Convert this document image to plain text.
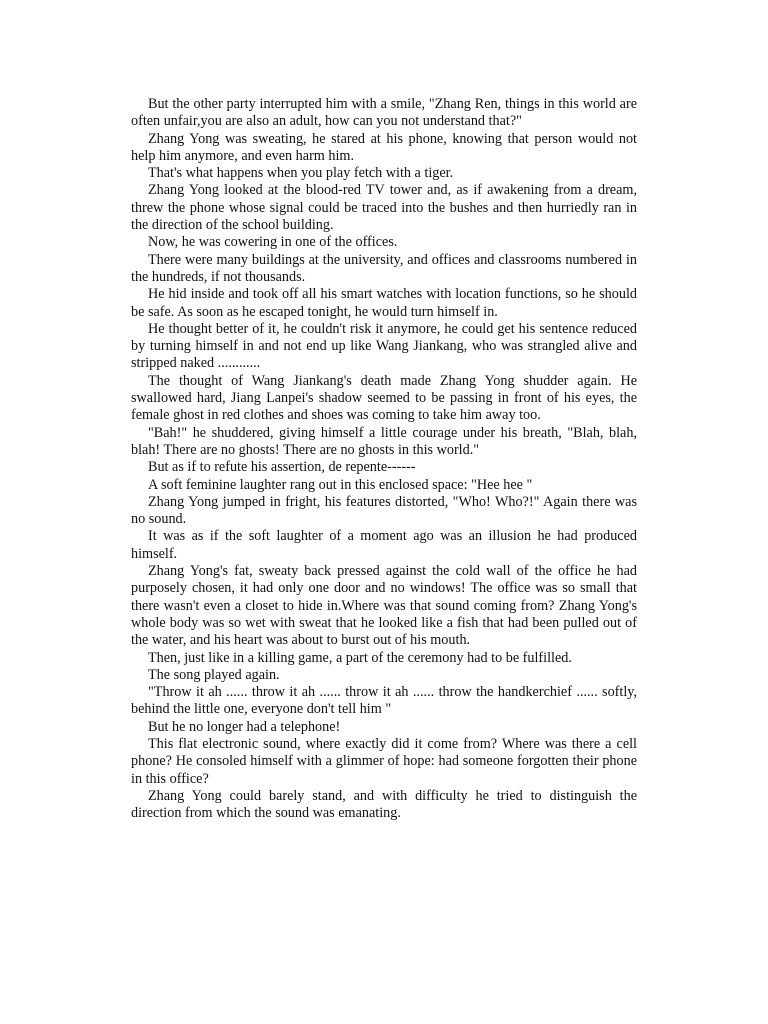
But the other party interrupted him with a smile, "Zhang Ren, things in this world are often unfair,you are also an adult, how can you not understand that?"

Zhang Yong was sweating, he stared at his phone, knowing that person would not help him anymore, and even harm him.

That's what happens when you play fetch with a tiger.

Zhang Yong looked at the blood-red TV tower and, as if awakening from a dream, threw the phone whose signal could be traced into the bushes and then hurriedly ran in the direction of the school building.

Now, he was cowering in one of the offices.

There were many buildings at the university, and offices and classrooms numbered in the hundreds, if not thousands.

He hid inside and took off all his smart watches with location functions, so he should be safe. As soon as he escaped tonight, he would turn himself in.

He thought better of it, he couldn't risk it anymore, he could get his sentence reduced by turning himself in and not end up like Wang Jiankang, who was strangled alive and stripped naked ............

The thought of Wang Jiankang's death made Zhang Yong shudder again. He swallowed hard, Jiang Lanpei's shadow seemed to be passing in front of his eyes, the female ghost in red clothes and shoes was coming to take him away too.

"Bah!" he shuddered, giving himself a little courage under his breath, "Blah, blah, blah! There are no ghosts! There are no ghosts in this world."

But as if to refute his assertion, de repente------

A soft feminine laughter rang out in this enclosed space: "Hee hee "

Zhang Yong jumped in fright, his features distorted, "Who! Who?!" Again there was no sound.

It was as if the soft laughter of a moment ago was an illusion he had produced himself.

Zhang Yong's fat, sweaty back pressed against the cold wall of the office he had purposely chosen, it had only one door and no windows! The office was so small that there wasn't even a closet to hide in.Where was that sound coming from? Zhang Yong's whole body was so wet with sweat that he looked like a fish that had been pulled out of the water, and his heart was about to burst out of his mouth.

Then, just like in a killing game, a part of the ceremony had to be fulfilled.

The song played again.

"Throw it ah ...... throw it ah ...... throw it ah ...... throw the handkerchief ...... softly, behind the little one, everyone don't tell him "

But he no longer had a telephone!

This flat electronic sound, where exactly did it come from? Where was there a cell phone? He consoled himself with a glimmer of hope: had someone forgotten their phone in this office?

Zhang Yong could barely stand, and with difficulty he tried to distinguish the direction from which the sound was emanating.
